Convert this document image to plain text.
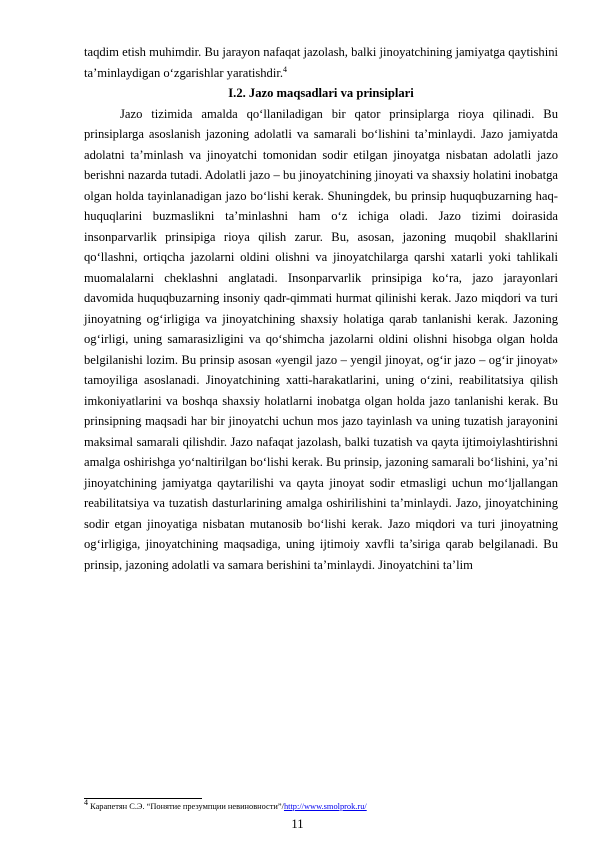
taqdim etish muhimdir. Bu jarayon nafaqat jazolash, balki jinoyatchining jamiyatga qaytishini ta’minlaydigan o‘zgarishlar yaratishdir.$^4$

I.2. Jazo maqsadlari va prinsiplari

Jazo tizimida amalda qo‘llaniladigan bir qator prinsiplarga rioya qilinadi. Bu prinsiplarga asoslanish jazoning adolatli va samarali bo‘lishini ta’minlaydi. Jazo jamiyatda adolatni ta’minlash va jinoyatchi tomonidan sodir etilgan jinoyatga nisbatan adolatli jazo berishni nazarda tutadi. Adolatli jazo – bu jinoyatchining jinoyati va shaxsiy holatini inobatga olgan holda tayinlanadigan jazo bo‘lishi kerak. Shuningdek, bu prinsip huquqbuzarning haq-huquqlarini buzmaslikni ta’minlashni ham o‘z ichiga oladi. Jazo tizimi doirasida insonparvarlik prinsipiga rioya qilish zarur. Bu, asosan, jazoning muqobil shakllarini qo‘llashni, ortiqcha jazolarni oldini olishni va jinoyatchilarga qarshi xatarli yoki tahlikali muomalalarni cheklashni anglatadi. Insonparvarlik prinsipiga ko‘ra, jazo jarayonlari davomida huquqbuzarning insoniy qadr-qimmati hurmat qilinishi kerak. Jazo miqdori va turi jinoyatning og‘irligiga va jinoyatchining shaxsiy holatiga qarab tanlanishi kerak. Jazoning og‘irligi, uning samarasizligini va qo‘shimcha jazolarni oldini olishni hisobga olgan holda belgilanishi lozim. Bu prinsip asosan «yengil jazo – yengil jinoyat, og‘ir jazo – og‘ir jinoyat» tamoyiliga asoslanadi. Jinoyatchining xatti-harakatlarini, uning o‘zini, reabilitatsiya qilish imkoniyatlarini va boshqa shaxsiy holatlarni inobatga olgan holda jazo tanlanishi kerak. Bu prinsipning maqsadi har bir jinoyatchi uchun mos jazo tayinlash va uning tuzatish jarayonini maksimal samarali qilishdir. Jazo nafaqat jazolash, balki tuzatish va qayta ijtimoiylashtirishni amalga oshirishga yo‘naltirilgan bo‘lishi kerak. Bu prinsip, jazoning samarali bo‘lishini, ya’ni jinoyatchining jamiyatga qaytarilishi va qayta jinoyat sodir etmasligi uchun mo‘ljallangan reabilitatsiya va tuzatish dasturlarining amalga oshirilishini ta’minlaydi. Jazo, jinoyatchining sodir etgan jinoyatiga nisbatan mutanosib bo‘lishi kerak. Jazo miqdori va turi jinoyatning og‘irligiga, jinoyatchining maqsadiga, uning ijtimoiy xavfli ta’siriga qarab belgilanadi. Bu prinsip, jazoning adolatli va samara berishini ta’minlaydi. Jinoyatchini ta’lim

$^4$ Карапетян С.Э. “Понятие презумпции невиновности”/http://www.smolprok.ru/
11
